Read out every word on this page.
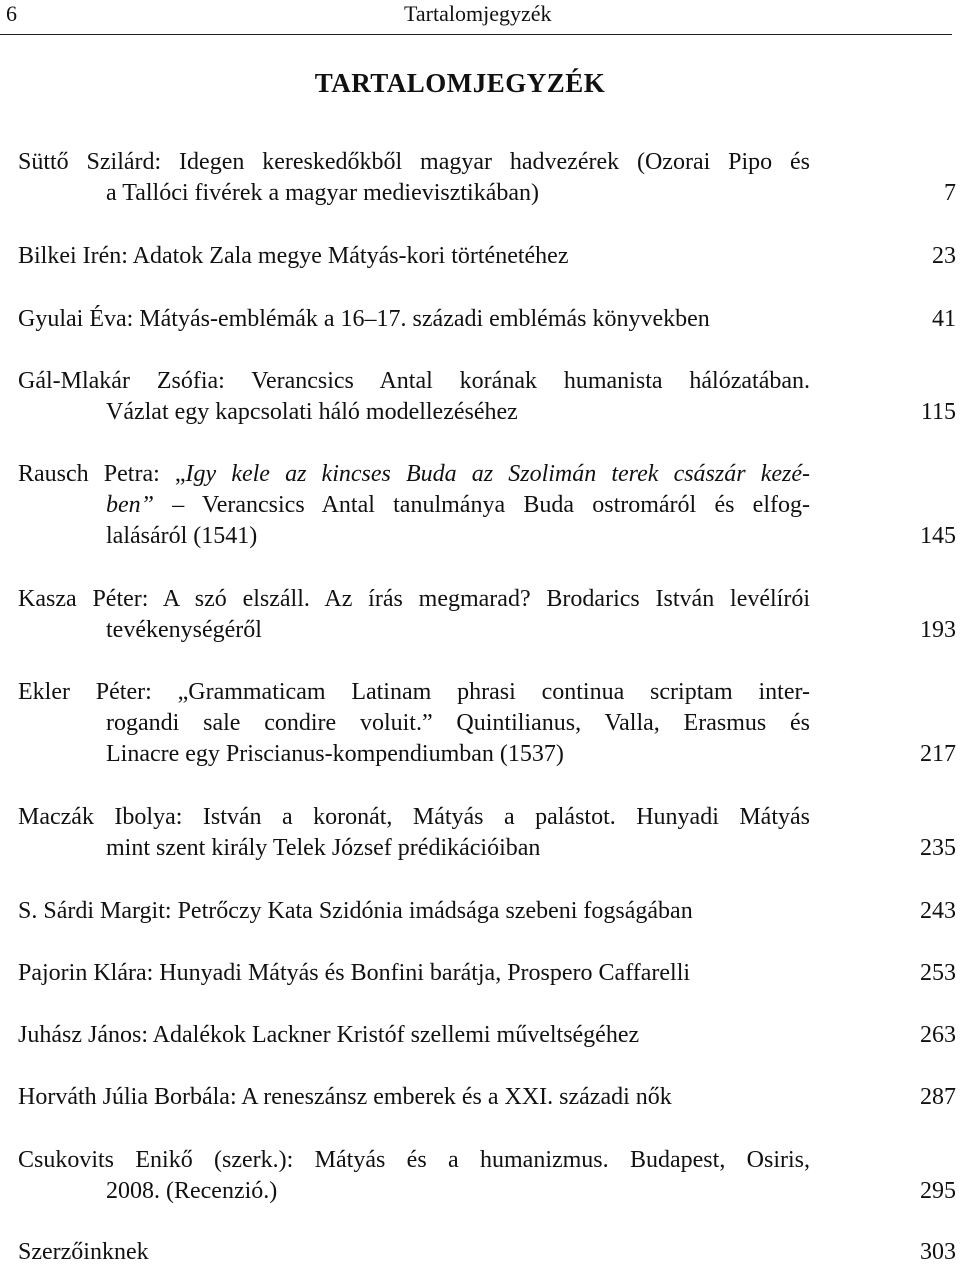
6	Tartalomjegyzék
TARTALOMJEGYZÉK
Süttő Szilárd: Idegen kereskedőkből magyar hadvezérek (Ozorai Pipo és
a Tallóci fivérek a magyar medievisztikában)	7
Bilkei Irén: Adatok Zala megye Mátyás-kori történetéhez	23
Gyulai Éva: Mátyás-emblémák a 16–17. századi emblémás könyvekben	41
Gál-Mlakár Zsófia: Verancsics Antal korának humanista hálózatában.
Vázlat egy kapcsolati háló modellezéséhez	115
Rausch Petra: „Igy kele az kincses Buda az Szolimán terek császár kezé-
ben” – Verancsics Antal tanulmánya Buda ostromáról és elfog-
lalásáról (1541)	145
Kasza Péter: A szó elszáll. Az írás megmarad? Brodarics István levélírói
tevékenységéről	193
Ekler Péter: „Grammaticam Latinam phrasi continua scriptam inter-
rogandi sale condire voluit.” Quintilianus, Valla, Erasmus és
Linacre egy Priscianus-kompendiumban (1537)	217
Maczák Ibolya: István a koronát, Mátyás a palástot. Hunyadi Mátyás
mint szent király Telek József prédikációiban	235
S. Sárdi Margit: Petrőczy Kata Szidónia imádsága szebeni fogságában	243
Pajorin Klára: Hunyadi Mátyás és Bonfini barátja, Prospero Caffarelli	253
Juhász János: Adalékok Lackner Kristóf szellemi műveltségéhez	263
Horváth Júlia Borbála: A reneszánsz emberek és a XXI. századi nők	287
Csukovits Enikő (szerk.): Mátyás és a humanizmus. Budapest, Osiris,
2008. (Recenzió.)	295
Szerzőinknek	303
